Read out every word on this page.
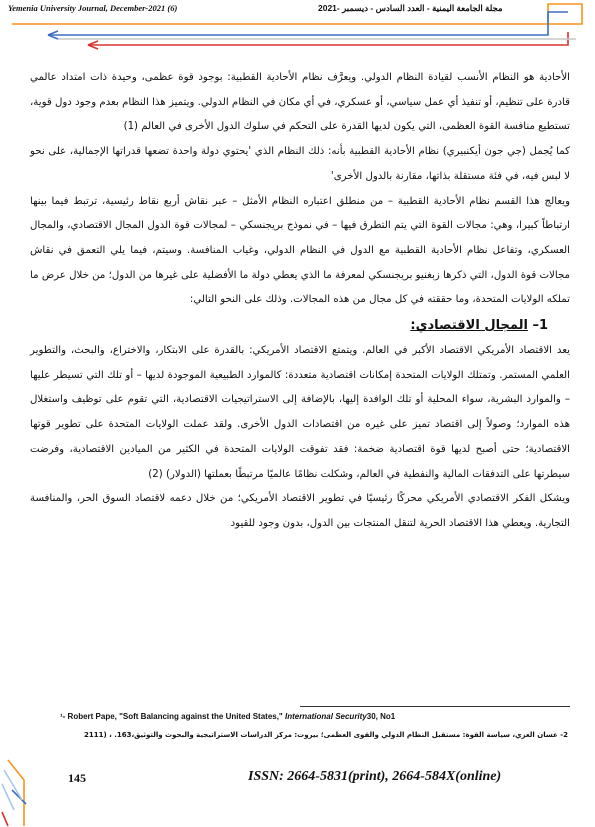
Yemenia University Journal, December-2021 (6)	مجلة الجامعة اليمنية - العدد السادس - ديسمبر -2021

الأحادية هو النظام الأنسب لقيادة النظام الدولي. ويعرَّف نظام الأحادية القطبية: بوجود قوة عظمى، وحيدة ذات امتداد عالمي قادرة على تنظيم، أو تنفيذ أي عمل سياسي، أو عسكري، في أي مكان في النظام الدولي. ويتميز هذا النظام بعدم وجود دول قوية، تستطيع منافسة القوة العظمى، التي يكون لديها القدرة على التحكم في سلوك الدول الأخرى في العالم (1)

كما يُجمل (جي جون أيكنبيري) نظام الأحادية القطبية بأنه: ذلك النظام الذي 'يحتوي دولة واحدة تضعها قدراتها الإجمالية، على نحو لا لبس فيه، في فئة مستقلة بذاتها، مقارنة بالدول الأخرى'

ويعالج هذا القسم نظام الأحادية القطبية – من منطلق اعتباره النظام الأمثل – عبر نقاش أربع نقاط رئيسية، ترتبط فيما بينها ارتباطاً كبيرا، وهي: مجالات القوة التي يتم التطرق فيها – في نموذج بريجنسكي – لمجالات قوة الدول المجال الاقتصادي، والمجال العسكري، وتفاعل نظام الأحادية القطبية مع الدول في النظام الدولي، وغياب المنافسة. وسيتم، فيما يلي التعمق في نقاش مجالات قوة الدول، التي ذكرها زبغنيو بريجنسكي لمعرفة ما الذي يعطي دولة ما الأفضلية على غيرها من الدول؛ من خلال عرض ما تملكه الولايات المتحدة، وما حققته في كل مجال من هذه المجالات. وذلك على النحو التالي:

1– المجال الاقتصادي:

يعد الاقتصاد الأمريكي الاقتصاد الأكبر في العالم. ويتمتع الاقتصاد الأمريكي: بالقدرة على الابتكار، والاختراع، والبحث، والتطوير العلمي المستمر. وتمتلك الولايات المتحدة إمكانات اقتصادية متعددة: كالموارد الطبيعية الموجودة لديها – أو تلك التي تسيطر عليها – والموارد البشرية، سواء المحلية أو تلك الوافدة إليها، بالإضافة إلى الاستراتيجيات الاقتصادية، التي تقوم على توظيف واستغلال هذه الموارد؛ وصولاً إلى اقتصاد تميز على غيره من اقتصادات الدول الأخرى. ولقد عملت الولايات المتحدة على تطوير قوتها الاقتصادية؛ حتى أصبح لديها قوة اقتصادية ضخمة: فقد تفوقت الولايات المتحدة في الكثير من الميادين الاقتصادية، وفرضت سيطرتها على التدفقات المالية والنفطية في العالم، وشكلت نظامًا عالميًا مرتبطًا بعملتها (الدولار) (2)

ويشكل الفكر الاقتصادي الأمريكي محركًا رئيسيًا في تطوير الاقتصاد الأمريكي؛ من خلال دعمه لاقتصاد السوق الحر، والمنافسة التجارية. ويعطي هذا الاقتصاد الحرية لتنقل المنتجات بين الدول، بدون وجود للقيود

¹- Robert Pape, "Soft Balancing against the United States," International Security30, No1
2- عسان العزي، سياسة القوة: مستقبل النظام الدولي والقوى العظمى؛ بيروت: مركز الدراسات الاستراتيجية والبحوث والتوثيق،163. ، (2111
145	ISSN: 2664-5831(print), 2664-584X(online)
